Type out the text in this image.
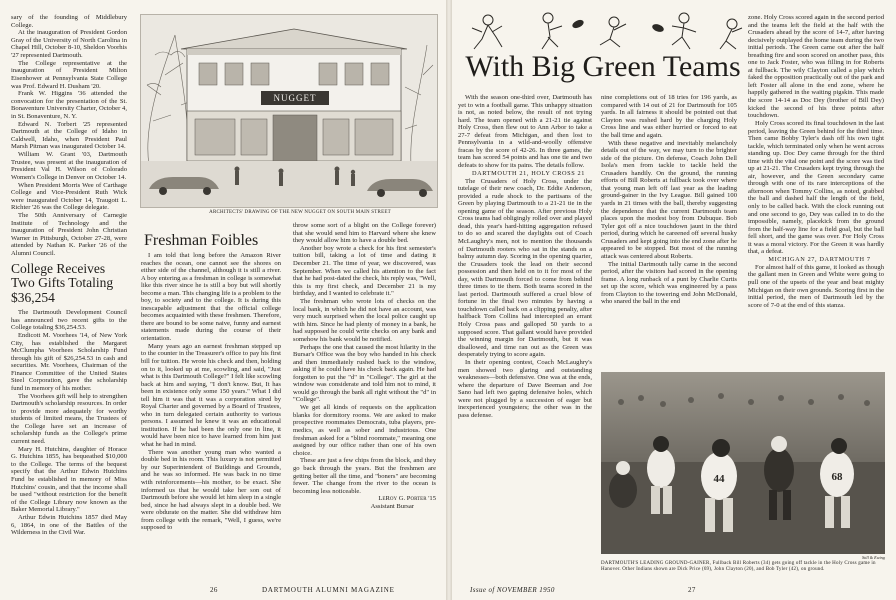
sary of the founding of Middlebury College.

At the inauguration of President Gordon Gray of the University of North Carolina in Chapel Hill, October 8-10, Sheldon Voorhis '27 represented Dartmouth.

The College representative at the inauguration of President Milton Eisenhower at Pennsylvania State College was Prof. Edward H. Dusham '20.

Frank W. Higgins '36 attended the convocation for the presentation of the St. Bonaventure University Charter, October 4, in St. Bonaventure, N. Y.

Edward N. Torbert '25 represented Dartmouth at the College of Idaho in Caldwell, Idaho, when President Paul Marsh Pitman was inaugurated October 14.

William W. Grant '03, Dartmouth Trustee, was present at the inauguration of President Val H. Wilson of Colorado Women's College in Denver on October 14.

When President Morris Wee of Carthage College and Vice-President Ruth Wick were inaugurated October 14, Traugott L. Richter '26 was the College delegate.

The 50th Anniversary of Carnegie Institute of Technology and the inauguration of President John Christian Warner in Pittsburgh, October 27-28, were attended by Nathan K. Parker '26 of the Alumni Council.

College Receives Two Gifts Totaling $36,254

The Dartmouth Development Council has announced two recent gifts to the College totaling $36,254.53.

Endicott M. Voorhees '14, of New York City, has established the Margaret McClumpha Voorhees Scholarship Fund through his gift of $26,254.53 in cash and securities. Mr. Voorhees, Chairman of the Finance Committee of the United States Steel Corporation, gave the scholarship fund in memory of his mother.

The Voorhees gift will help to strengthen Dartmouth's scholarship resources. In order to provide more adequately for worthy students of limited means, the Trustees of the College have set an increase of scholarship funds as the College's prime current need.

Mary H. Hutchins, daughter of Horace G. Hutchins 1855, has bequeathed $10,000 to the College. The terms of the bequest specify that the Arthur Edwin Hutchins Fund be established in memory of Miss Hutchins' cousin, and that the income shall be used "without restriction for the benefit of the College Library now known as the Baker Memorial Library."

Arthur Edwin Hutchins 1857 died May 6, 1864, in one of the Battles of the Wilderness in the Civil War.

NUGGET
ARCHITECTS' DRAWING OF THE NEW NUGGET ON SOUTH MAIN STREET
Freshman Foibles

I am told that long before the Amazon River reaches the ocean, one cannot see the shores on either side of the channel, although it is still a river. A boy entering as a freshman in college is somewhat like this river since he is still a boy but will shortly become a man. This changing life is a problem to the boy, to society and to the college. It is during this inescapable adjustment that the official college becomes acquainted with these freshmen. Therefore, there are bound to be some naive, funny and earnest statements made during the course of their orientation.

Many years ago an earnest freshman stepped up to the counter in the Treasurer's office to pay his first bill for tuition. He wrote his check and then, holding on to it, looked up at me, scowling, and said, "Just what is this Dartmouth College?" I felt like scowling back at him and saying, "I don't know. But, It has been in existence only some 150 years." What I did tell him it was that it was a corporation sired by Royal Charter and governed by a Board of Trustees, who in turn delegated certain authority to various persons. I assumed he knew it was an educational institution. If he had been the only one in line, it would have been nice to have learned from him just what he had in mind.

There was another young man who wanted a double bed in his room. This luxury is not permitted by our Superintendent of Buildings and Grounds, and he was so informed. He was back in no time with reinforcements—his mother, to be exact. She informed us that he would take her son out of Dartmouth before she would let him sleep in a single bed, since he had always slept in a double bed. We were obdurate on the matter. She did withdraw him from college with the remark, "Well, I guess, we're supposed to

throw some sort of a blight on the College forever) that she would send him to Harvard where she knew they would allow him to have a double bed.

Another boy wrote a check for his first semester's tuition bill, taking a lot of time and dating it December 21. The time of year, we discovered, was September. When we called his attention to the fact that he had post-dated the check, his reply was, "Well, this is my first check, and December 21 is my birthday, and I wanted to celebrate it."

The freshman who wrote lots of checks on the local bank, in which he did not have an account, was very much surprised when the local police caught up with him. Since he had plenty of money in a bank, he had supposed he could write checks on any bank and somehow his bank would be notified.

Perhaps the one that caused the most hilarity in the Bursar's Office was the boy who handed in his check and then immediately rushed back to the window, asking if he could have his check back again. He had forgotten to put the "d" in "College". The girl at the window was considerate and told him not to mind, it would go through the bank all right without the "d" in "College".

We get all kinds of requests on the application blanks for dormitory rooms. We are asked to make prospective roommates Democrats, tuba players, pre-medics, as well as sober and industrious. One freshman asked for a "blind roommate," meaning one assigned by our office rather than one of his own choice.

These are just a few chips from the block, and they go back through the years. But the freshmen are getting better all the time, and "boners" are becoming fewer. The change from the river to the ocean is becoming less noticeable.

LeRoy G. Porter '15

Assistant Bursar

26	DARTMOUTH ALUMNI MAGAZINE
With Big Green Teams

With the season one-third over, Dartmouth has yet to win a football game. This unhappy situation is not, as noted below, the result of not trying hard. The team opened with a 21-21 tie against Holy Cross, then flew out to Ann Arbor to take a 27-7 defeat from Michigan, and then lost to Pennsylvania in a wild-and-woolly offensive fracas by the score of 42-26. In three games, the team has scored 54 points and has one tie and two defeats to show for its pains. The details follow.

DARTMOUTH 21, HOLY CROSS 21

The Crusaders of Holy Cross, under the tutelage of their new coach, Dr. Eddie Anderson, provided a rude shock to the partisans of the Green by playing Dartmouth to a 21-21 tie in the opening game of the season. After previous Holy Cross teams had obligingly rolled over and played dead, this year's hard-hitting aggregation refused to do so and scared the daylights out of Coach McLaughry's men, not to mention the thousands of Dartmouth rooters who sat in the stands on a balmy autumn day. Scoring in the opening quarter, the Crusaders took the lead on their second possession and then held on to it for most of the day, with Dartmouth forced to come from behind three times to tie them. Both teams scored in the last period. Dartmouth suffered a cruel blow of fortune in the final two minutes by having a touchdown called back on a clipping penalty, after halfback Tom Collins had intercepted an errant Holy Cross pass and galloped 50 yards to a supposed score. That gallant would have provided the winning margin for Dartmouth, but it was disallowed, and time ran out as the Green was desperately trying to score again.

In their opening contest, Coach McLaughry's men showed two glaring and outstanding weaknesses—both defensive. One was at the ends, where the departure of Dave Beeman and Joe Sano had left two gaping defensive holes, which were not plugged by a succession of eager but inexperienced youngsters; the other was in the pass defense.

nine completions out of 18 tries for 196 yards, as compared with 14 out of 21 for Dartmouth for 105 yards. In all fairness it should be pointed out that Clayton was rushed hard by the charging Holy Cross line and was either hurried or forced to eat the ball time and again.

With these negative and inevitably melancholy details out of the way, we may turn to the brighter side of the picture. On defense, Coach John Dell Isola's men from tackle to tackle held the Crusaders handily. On the ground, the running efforts of Bill Roberts at fullback took over where that young man left off last year as the leading ground-gainer in the Ivy League. Bill gained 100 yards in 21 times with the ball, thereby suggesting the dependence that the current Dartmouth team places upon the modest boy from Dubuque. Bob Tyler got off a nice touchdown jaunt in the third period, during which he careened off several husky Crusaders and kept going into the end zone after he appeared to be stopped. But most of the running attack was centered about Roberts.

The initial Dartmouth tally came in the second period, after the visitors had scored in the opening frame. A long runback of a punt by Charlie Curtis set up the score, which was engineered by a pass from Clayton to the towering end John McDonald, who snared the ball in the end

zone. Holy Cross scored again in the second period and the teams left the field at the half with the Crusaders ahead by the score of 14-7, after having decisively outplayed the home team during the two initial periods. The Green came out after the half breathing fire and soon scored on another pass, this one to Jack Foster, who was filling in for Roberts at fullback. The wily Clayton called a play which faked the opposition practically out of the park and left Foster all alone in the end zone, where he happily gathered in the waiting pigskin. This made the score 14-14 as Doc Dey (brother of Bill Dey) kicked the second of his three points after touchdown.

Holy Cross scored its final touchdown in the last period, leaving the Green behind for the third time. Then came Bobby Tyler's dash off his own tight tackle, which terminated only when he went across standing up. Doc Dey came through for the third time with the vital one point and the score was tied up at 21-21. The Crusaders kept trying through the air, however, and the Green secondary came through with one of its rare interceptions of the afternoon when Tommy Collins, as noted, grabbed the ball and dashed half the length of the field, only to be called back. With the clock running out and one second to go, Dey was called in to do the impossible, namely, placekick from the ground from the half-way line for a field goal, but the ball fell short, and the game was over. For Holy Cross it was a moral victory. For the Green it was hardly that, a defeat.

MICHIGAN 27, DARTMOUTH 7

For almost half of this game, it looked as though the gallant men in Green and White were going to pull one of the upsets of the year and beat mighty Michigan on their own grounds. Scoring first in the initial period, the men of Dartmouth led by the score of 7-0 at the end of this stanza.

44	68
Still & Ewing
DARTMOUTH'S LEADING GROUND-GAINER, Fullback Bill Roberts (34) gets going off tackle in the Holy Cross game in Hanover. Other Indians shown are Dick Price (69), John Clayton (20), and Bob Tyler (42), on ground.
Issue of NOVEMBER 1950	27
